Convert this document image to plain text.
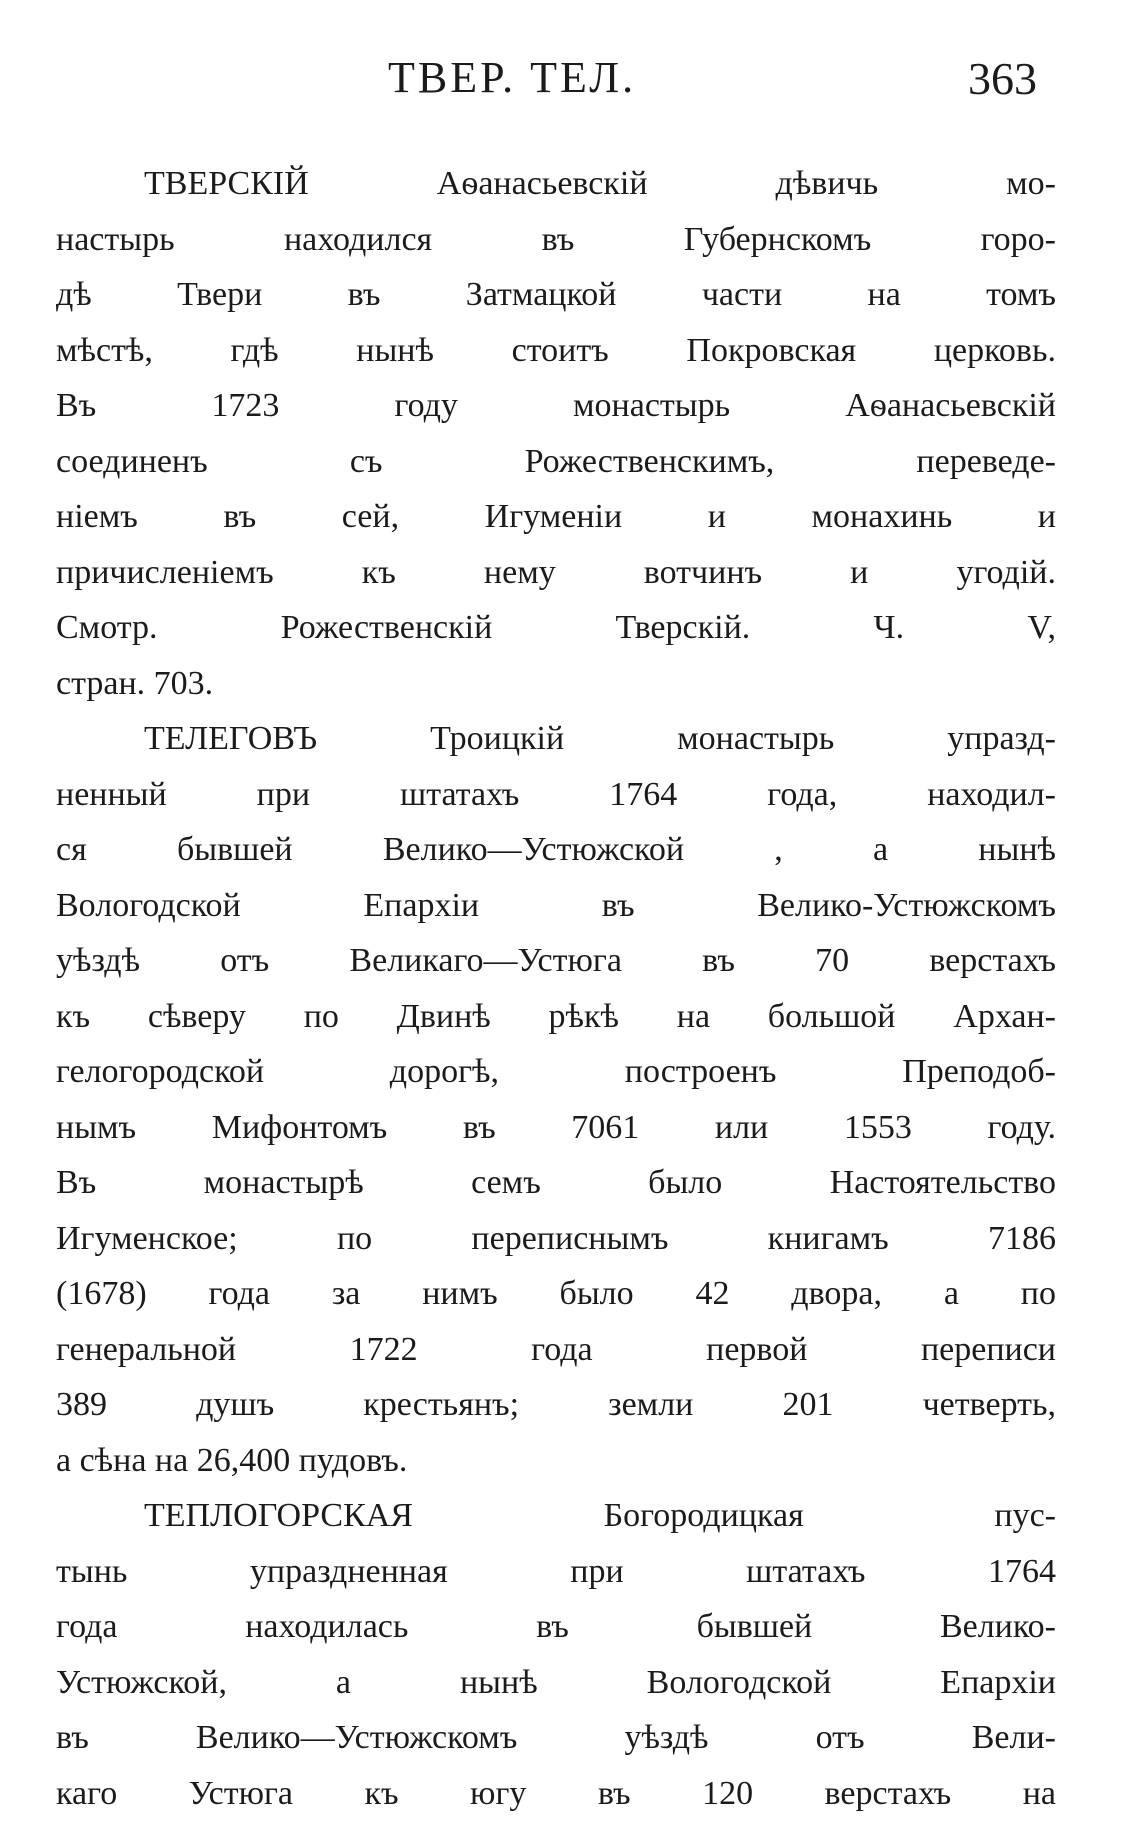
ТВЕР. ТЕЛ.	363
ТВЕРСКІЙ Аѳанасьевскій дѣвичь мо-
настырь находился въ Губернскомъ горо-
дѣ Твери въ Затмацкой части на томъ
мѣстѣ, гдѣ нынѣ стоитъ Покровская церковь.
Въ 1723 году монастырь Аѳанасьевскій
соединенъ съ Рожественскимъ, переведе-
ніемъ въ сей, Игуменіи и монахинь и
причисленіемъ къ нему вотчинъ и угодій.
Смотр. Рожественскій Тверскій. Ч. V,
стран. 703.
ТЕЛЕГОВЪ Троицкій монастырь упразд-
ненный при штатахъ 1764 года, находил-
ся бывшей Велико—Устюжской , а нынѣ
Вологодской Епархіи въ Велико-Устюжскомъ
уѣздѣ отъ Великаго—Устюга въ 70 верстахъ
къ сѣверу по Двинѣ рѣкѣ на большой Архан-
гелогородской дорогѣ, построенъ Преподоб-
нымъ Мифонтомъ въ 7061 или 1553 году.
Въ монастырѣ семъ было Настоятельство
Игуменское; по переписнымъ книгамъ 7186
(1678) года за нимъ было 42 двора, а по
генеральной 1722 года первой переписи
389 душъ крестьянъ; земли 201 четверть,
а сѣна на 26,400 пудовъ.
ТЕПЛОГОРСКАЯ Богородицкая пус-
тынь упраздненная при штатахъ 1764
года находилась въ бывшей Велико-
Устюжской, а нынѣ Вологодской Епархіи
въ Велико—Устюжскомъ уѣздѣ отъ Вели-
каго Устюга къ югу въ 120 верстахъ на
